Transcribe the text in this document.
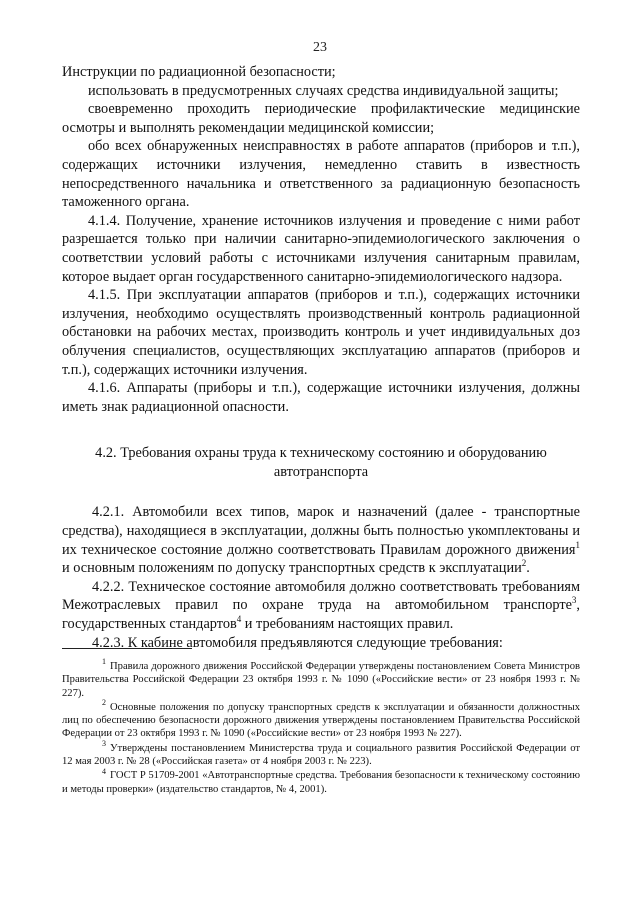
23

Инструкции по радиационной безопасности;

использовать в предусмотренных случаях средства индивидуальной защиты;

своевременно проходить периодические профилактические медицинские осмотры и выполнять рекомендации медицинской комиссии;

обо всех обнаруженных неисправностях в работе аппаратов (приборов и т.п.), содержащих источники излучения, немедленно ставить в известность непосредственного начальника и ответственного за радиационную безопасность таможенного органа.

4.1.4. Получение, хранение источников излучения и проведение с ними работ разрешается только при наличии санитарно-эпидемиологического заключения о соответствии условий работы с источниками излучения санитарным правилам, которое выдает орган государственного санитарно-эпидемиологического надзора.

4.1.5. При эксплуатации аппаратов (приборов и т.п.), содержащих источники излучения, необходимо осуществлять производственный контроль радиационной обстановки на рабочих местах, производить контроль и учет индивидуальных доз облучения специалистов, осуществляющих эксплуатацию аппаратов (приборов и т.п.), содержащих источники излучения.

4.1.6. Аппараты (приборы и т.п.), содержащие источники излучения, должны иметь знак радиационной опасности.

4.2. Требования охраны труда к техническому состоянию и оборудованию автотранспорта

4.2.1. Автомобили всех типов, марок и назначений (далее - транспортные средства), находящиеся в эксплуатации, должны быть полностью укомплектованы и их техническое состояние должно соответствовать Правилам дорожного движения$^1$ и основным положениям по допуску транспортных средств к эксплуатации$^2$.

4.2.2. Техническое состояние автомобиля должно соответствовать требованиям Межотраслевых правил по охране труда на автомобильном транспорте$^3$, государственных стандартов$^4$ и требованиям настоящих правил.

4.2.3. К кабине автомобиля предъявляются следующие требования:

$^1$ Правила дорожного движения Российской Федерации утверждены постановлением Совета Министров Правительства Российской Федерации 23 октября 1993 г. № 1090 («Российские вести» от 23 ноября 1993 г. № 227).

$^2$ Основные положения по допуску транспортных средств к эксплуатации и обязанности должностных лиц по обеспечению безопасности дорожного движения утверждены постановлением Правительства Российской Федерации от 23 октября 1993 г. № 1090 («Российские вести» от 23 ноября 1993 № 227).

$^3$ Утверждены постановлением Министерства труда и социального развития Российской Федерации от 12 мая 2003 г. № 28 («Российская газета» от 4 ноября 2003 г. № 223).

$^4$ ГОСТ Р 51709-2001 «Автотранспортные средства. Требования безопасности к техническому состоянию и методы проверки» (издательство стандартов, № 4, 2001).
